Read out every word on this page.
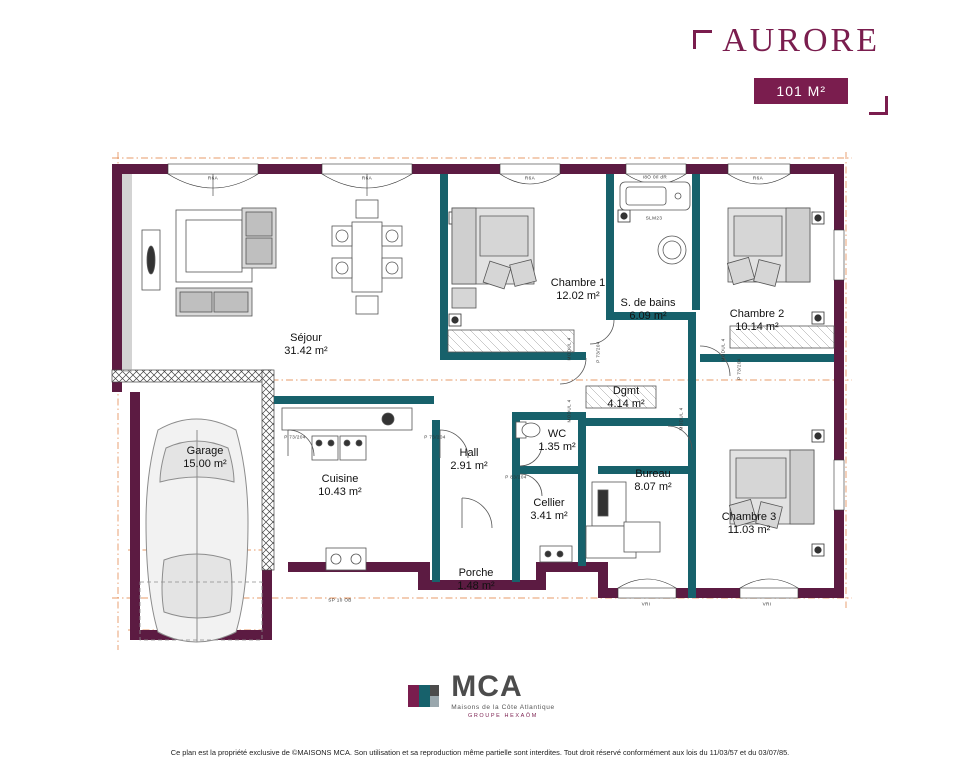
AURORE
101 M²
Séjour
31.42 m²
Chambre 1
12.02 m²
S. de bains
6.09 m²	Chambre 2
10.14 m²
Dgmt
4.14 m²
WC
1.35 m²
Bureau
8.07 m²
Chambre 3
11.03 m²
Hall
2.91 m²
Cuisine
10.43 m²
Cellier
3.41 m²
Garage
15.00 m²
Porche
1.48 m²
R6A	R6A	R6A	i8O 0il dR	R6A
P 73/204	P 73/204
P 83/204
SP 10 OB
VRI	VRI
MODUL 4	P 73/204
MODUL 4	MODUL 4
MODUL 4
P 73/204
SLM23
MCA
Maisons de la Côte Atlantique
GROUPE HEXAÔM
Ce plan est la propriété exclusive de ©MAISONS MCA. Son utilisation et sa reproduction même partielle sont interdites. Tout droit réservé conformément aux lois du 11/03/57 et du 03/07/85.
